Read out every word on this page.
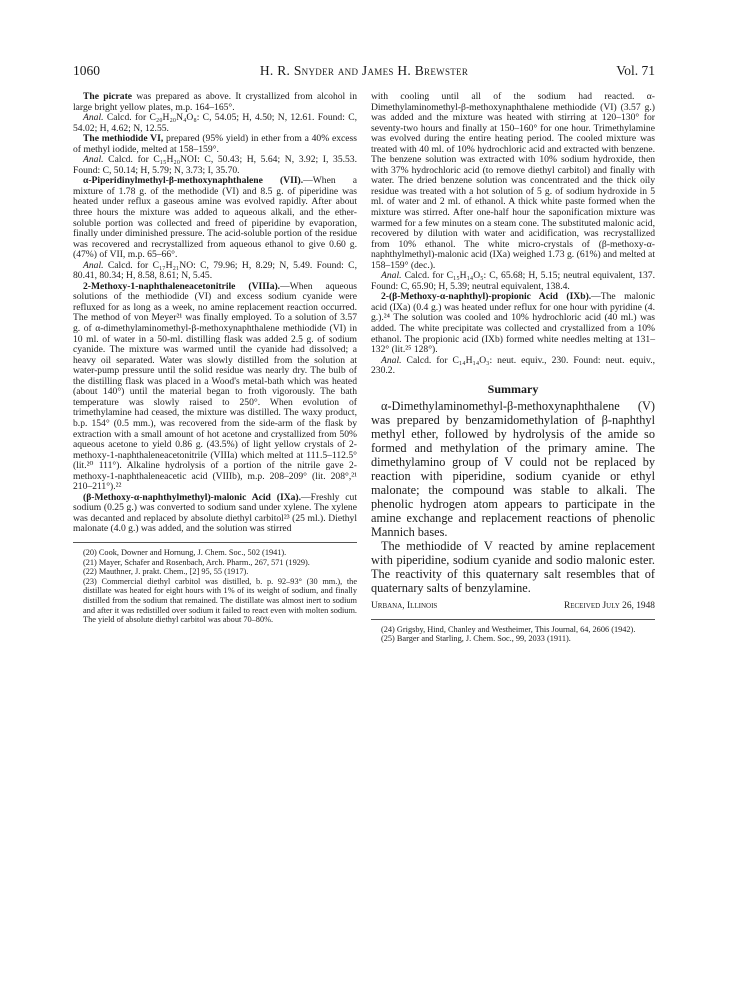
1060	H. R. Snyder and James H. Brewster	Vol. 71

The picrate was prepared as above. It crystallized from alcohol in large bright yellow plates, m.p. 164–165°.

Anal. Calcd. for C₂₀H₂₀N₄O₈: C, 54.05; H, 4.50; N, 12.61. Found: C, 54.02; H, 4.62; N, 12.55.

The methiodide VI, prepared (95% yield) in ether from a 40% excess of methyl iodide, melted at 158–159°.

Anal. Calcd. for C₁₅H₂₀NOI: C, 50.43; H, 5.64; N, 3.92; I, 35.53. Found: C, 50.14; H, 5.79; N, 3.73; I, 35.70.

α-Piperidinylmethyl-β-methoxynaphthalene (VII).—When a mixture of 1.78 g. of the methodide (VI) and 8.5 g. of piperidine was heated under reflux a gaseous amine was evolved rapidly. After about three hours the mixture was added to aqueous alkali, and the ether-soluble portion was collected and freed of piperidine by evaporation, finally under diminished pressure. The acid-soluble portion of the residue was recovered and recrystallized from aqueous ethanol to give 0.60 g. (47%) of VII, m.p. 65–66°.

Anal. Calcd. for C₁₇H₂₁NO: C, 79.96; H, 8.29; N, 5.49. Found: C, 80.41, 80.34; H, 8.58, 8.61; N, 5.45.

2-Methoxy-1-naphthaleneacetonitrile (VIIIa).—When aqueous solutions of the methiodide (VI) and excess sodium cyanide were refluxed for as long as a week, no amine replacement reaction occurred. The method of von Meyer²¹ was finally employed. To a solution of 3.57 g. of α-dimethylaminomethyl-β-methoxynaphthalene methiodide (VI) in 10 ml. of water in a 50-ml. distilling flask was added 2.5 g. of sodium cyanide. The mixture was warmed until the cyanide had dissolved; a heavy oil separated. Water was slowly distilled from the solution at water-pump pressure until the solid residue was nearly dry. The bulb of the distilling flask was placed in a Wood's metal-bath which was heated (about 140°) until the material began to froth vigorously. The bath temperature was slowly raised to 250°. When evolution of trimethylamine had ceased, the mixture was distilled. The waxy product, b.p. 154° (0.5 mm.), was recovered from the side-arm of the flask by extraction with a small amount of hot acetone and crystallized from 50% aqueous acetone to yield 0.86 g. (43.5%) of light yellow crystals of 2-methoxy-1-naphthaleneacetonitrile (VIIIa) which melted at 111.5–112.5° (lit.²⁰ 111°). Alkaline hydrolysis of a portion of the nitrile gave 2-methoxy-1-naphthaleneacetic acid (VIIIb), m.p. 208–209° (lit. 208°,²¹ 210–211°).²²

(β-Methoxy-α-naphthylmethyl)-malonic Acid (IXa).—Freshly cut sodium (0.25 g.) was converted to sodium sand under xylene. The xylene was decanted and replaced by absolute diethyl carbitol²³ (25 ml.). Diethyl malonate (4.0 g.) was added, and the solution was stirred

(20) Cook, Downer and Hornung, J. Chem. Soc., 502 (1941).

(21) Mayer, Schafer and Rosenbach, Arch. Pharm., 267, 571 (1929).

(22) Mauthner, J. prakt. Chem., [2] 95, 55 (1917).

(23) Commercial diethyl carbitol was distilled, b. p. 92–93° (30 mm.), the distillate was heated for eight hours with 1% of its weight of sodium, and finally distilled from the sodium that remained. The distillate was almost inert to sodium and after it was redistilled over sodium it failed to react even with molten sodium. The yield of absolute diethyl carbitol was about 70–80%.

with cooling until all of the sodium had reacted. α-Dimethylaminomethyl-β-methoxynaphthalene methiodide (VI) (3.57 g.) was added and the mixture was heated with stirring at 120–130° for seventy-two hours and finally at 150–160° for one hour. Trimethylamine was evolved during the entire heating period. The cooled mixture was treated with 40 ml. of 10% hydrochloric acid and extracted with benzene. The benzene solution was extracted with 10% sodium hydroxide, then with 37% hydrochloric acid (to remove diethyl carbitol) and finally with water. The dried benzene solution was concentrated and the thick oily residue was treated with a hot solution of 5 g. of sodium hydroxide in 5 ml. of water and 2 ml. of ethanol. A thick white paste formed when the mixture was stirred. After one-half hour the saponification mixture was warmed for a few minutes on a steam cone. The substituted malonic acid, recovered by dilution with water and acidification, was recrystallized from 10% ethanol. The white micro-crystals of (β-methoxy-α-naphthylmethyl)-malonic acid (IXa) weighed 1.73 g. (61%) and melted at 158–159° (dec.).

Anal. Calcd. for C₁₅H₁₄O₅: C, 65.68; H, 5.15; neutral equivalent, 137. Found: C, 65.90; H, 5.39; neutral equivalent, 138.4.

2-(β-Methoxy-α-naphthyl)-propionic Acid (IXb).—The malonic acid (IXa) (0.4 g.) was heated under reflux for one hour with pyridine (4. g.).²⁴ The solution was cooled and 10% hydrochloric acid (40 ml.) was added. The white precipitate was collected and crystallized from a 10% ethanol. The propionic acid (IXb) formed white needles melting at 131–132° (lit.²⁵ 128°).

Anal. Calcd. for C₁₄H₁₄O₃: neut. equiv., 230. Found: neut. equiv., 230.2.

Summary

α-Dimethylaminomethyl-β-methoxynaphthalene (V) was prepared by benzamidomethylation of β-naphthyl methyl ether, followed by hydrolysis of the amide so formed and methylation of the primary amine. The dimethylamino group of V could not be replaced by reaction with piperidine, sodium cyanide or ethyl malonate; the compound was stable to alkali. The phenolic hydrogen atom appears to participate in the amine exchange and replacement reactions of phenolic Mannich bases.

The methiodide of V reacted by amine replacement with piperidine, sodium cyanide and sodio malonic ester. The reactivity of this quaternary salt resembles that of quaternary salts of benzylamine.

Urbana, Illinois	Received July 26, 1948

(24) Grigsby, Hind, Chanley and Westheimer, This Journal, 64, 2606 (1942).

(25) Barger and Starling, J. Chem. Soc., 99, 2033 (1911).
